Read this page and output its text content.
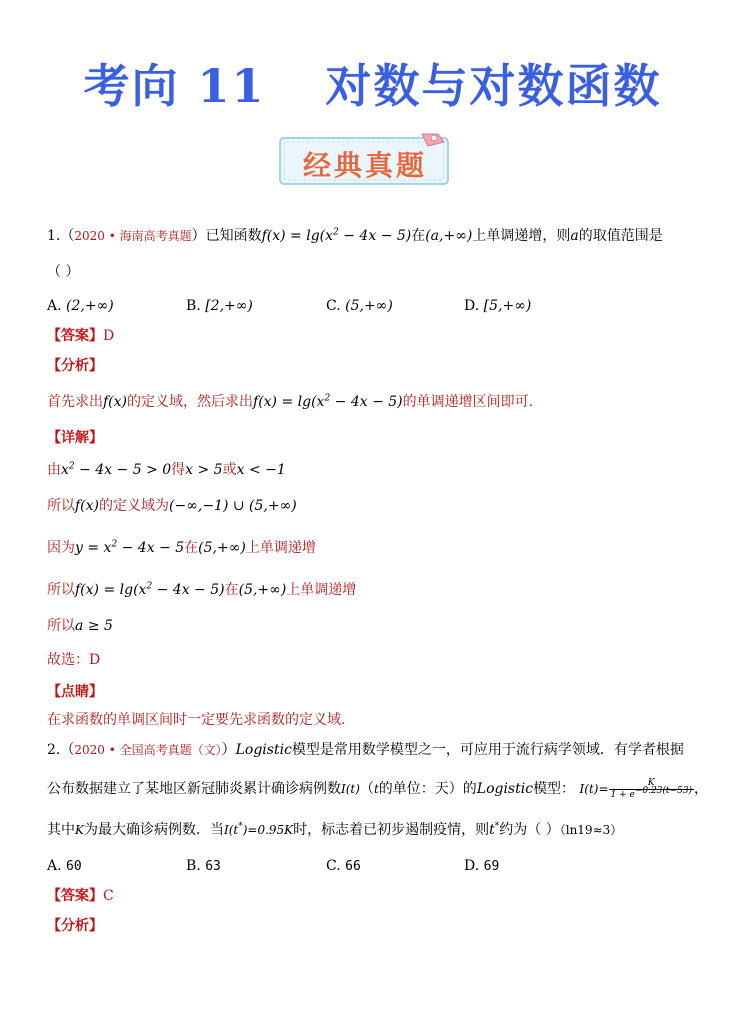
考向 11 对数与对数函数
经典真题
1.（2020 • 海南高考真题）已知函数$f(x) = \lg(x^2 - 4x - 5)$在(a,+∞)上单调递增，则a的取值范围是
（ ）
A. (2,+∞)	B. [2,+∞)	C. (5,+∞)	D. [5,+∞)
【答案】D
【分析】
首先求出f(x)的定义域，然后求出$f(x) = \lg(x^2 - 4x - 5)$的单调递增区间即可.
【详解】
由$x^2 - 4x - 5 > 0$得x > 5或x < −1
所以f(x)的定义域为(−∞,−1) ∪ (5,+∞)
因为$y = x^2 - 4x - 5$在(5,+∞)上单调递增
所以$f(x) = \lg(x^2 - 4x - 5)$在(5,+∞)上单调递增
所以a ≥ 5
故选：D
【点睛】
在求函数的单调区间时一定要先求函数的定义域.
2.（2020 • 全国高考真题（文））Logistic模型是常用数学模型之一，可应用于流行病学领域．有学者根据
公布数据建立了某地区新冠肺炎累计确诊病例数I(t)（t的单位：天）的Logistic模型： $I(t)= \frac{K}{1 + e^{-0.23(t-53)}}$ ，
其中K为最大确诊病例数．当I(t*)=0.95K时，标志着已初步遏制疫情，则t*约为（ ）（ln19≈3）
A. 60	B. 63	C. 66	D. 69
【答案】C
【分析】
